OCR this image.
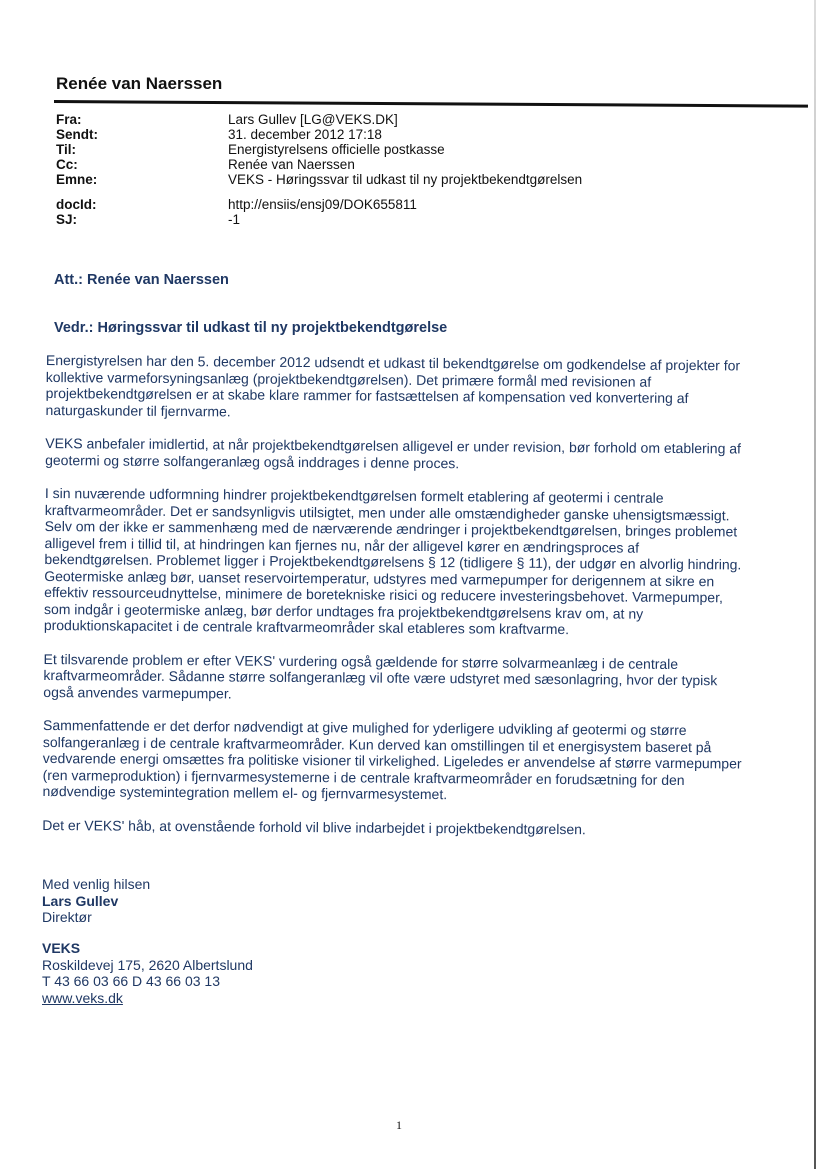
Renée van Naerssen
Fra:	Lars Gullev [LG@VEKS.DK]
Sendt:	31. december 2012 17:18
Til:	Energistyrelsens officielle postkasse
Cc:	Renée van Naerssen
Emne:	VEKS - Høringssvar til udkast til ny projektbekendtgørelsen
docId:	http://ensiis/ensj09/DOK655811
SJ:	-1
Att.: Renée van Naerssen
Vedr.: Høringssvar til udkast til ny projektbekendtgørelse

Energistyrelsen har den 5. december 2012 udsendt et udkast til bekendtgørelse om godkendelse af projekter for kollektive varmeforsyningsanlæg (projektbekendtgørelsen). Det primære formål med revisionen af projektbekendtgørelsen er at skabe klare rammer for fastsættelsen af kompensation ved konvertering af naturgaskunder til fjernvarme.

VEKS anbefaler imidlertid, at når projektbekendtgørelsen alligevel er under revision, bør forhold om etablering af geotermi og større solfangeranlæg også inddrages i denne proces.

I sin nuværende udformning hindrer projektbekendtgørelsen formelt etablering af geotermi i centrale kraftvarmeområder. Det er sandsynligvis utilsigtet, men under alle omstændigheder ganske uhensigtsmæssigt. Selv om der ikke er sammenhæng med de nærværende ændringer i projektbekendtgørelsen, bringes problemet alligevel frem i tillid til, at hindringen kan fjernes nu, når der alligevel kører en ændringsproces af bekendtgørelsen. Problemet ligger i Projektbekendtgørelsens § 12 (tidligere § 11), der udgør en alvorlig hindring. Geotermiske anlæg bør, uanset reservoirtemperatur, udstyres med varmepumper for derigennem at sikre en effektiv ressourceudnyttelse, minimere de boretekniske risici og reducere investeringsbehovet. Varmepumper, som indgår i geotermiske anlæg, bør derfor undtages fra projektbekendtgørelsens krav om, at ny produktionskapacitet i de centrale kraftvarmeområder skal etableres som kraftvarme.

Et tilsvarende problem er efter VEKS' vurdering også gældende for større solvarmeanlæg i de centrale kraftvarmeområder. Sådanne større solfangeranlæg vil ofte være udstyret med sæsonlagring, hvor der typisk også anvendes varmepumper.

Sammenfattende er det derfor nødvendigt at give mulighed for yderligere udvikling af geotermi og større solfangeranlæg i de centrale kraftvarmeområder. Kun derved kan omstillingen til et energisystem baseret på vedvarende energi omsættes fra politiske visioner til virkelighed. Ligeledes er anvendelse af større varmepumper (ren varmeproduktion) i fjernvarmesystemerne i de centrale kraftvarmeområder en forudsætning for den nødvendige systemintegration mellem el- og fjernvarmesystemet.

Det er VEKS' håb, at ovenstående forhold vil blive indarbejdet i projektbekendtgørelsen.

Med venlig hilsen
Lars Gullev
Direktør
VEKS
Roskildevej 175, 2620 Albertslund
T 43 66 03 66 D 43 66 03 13
www.veks.dk
1
